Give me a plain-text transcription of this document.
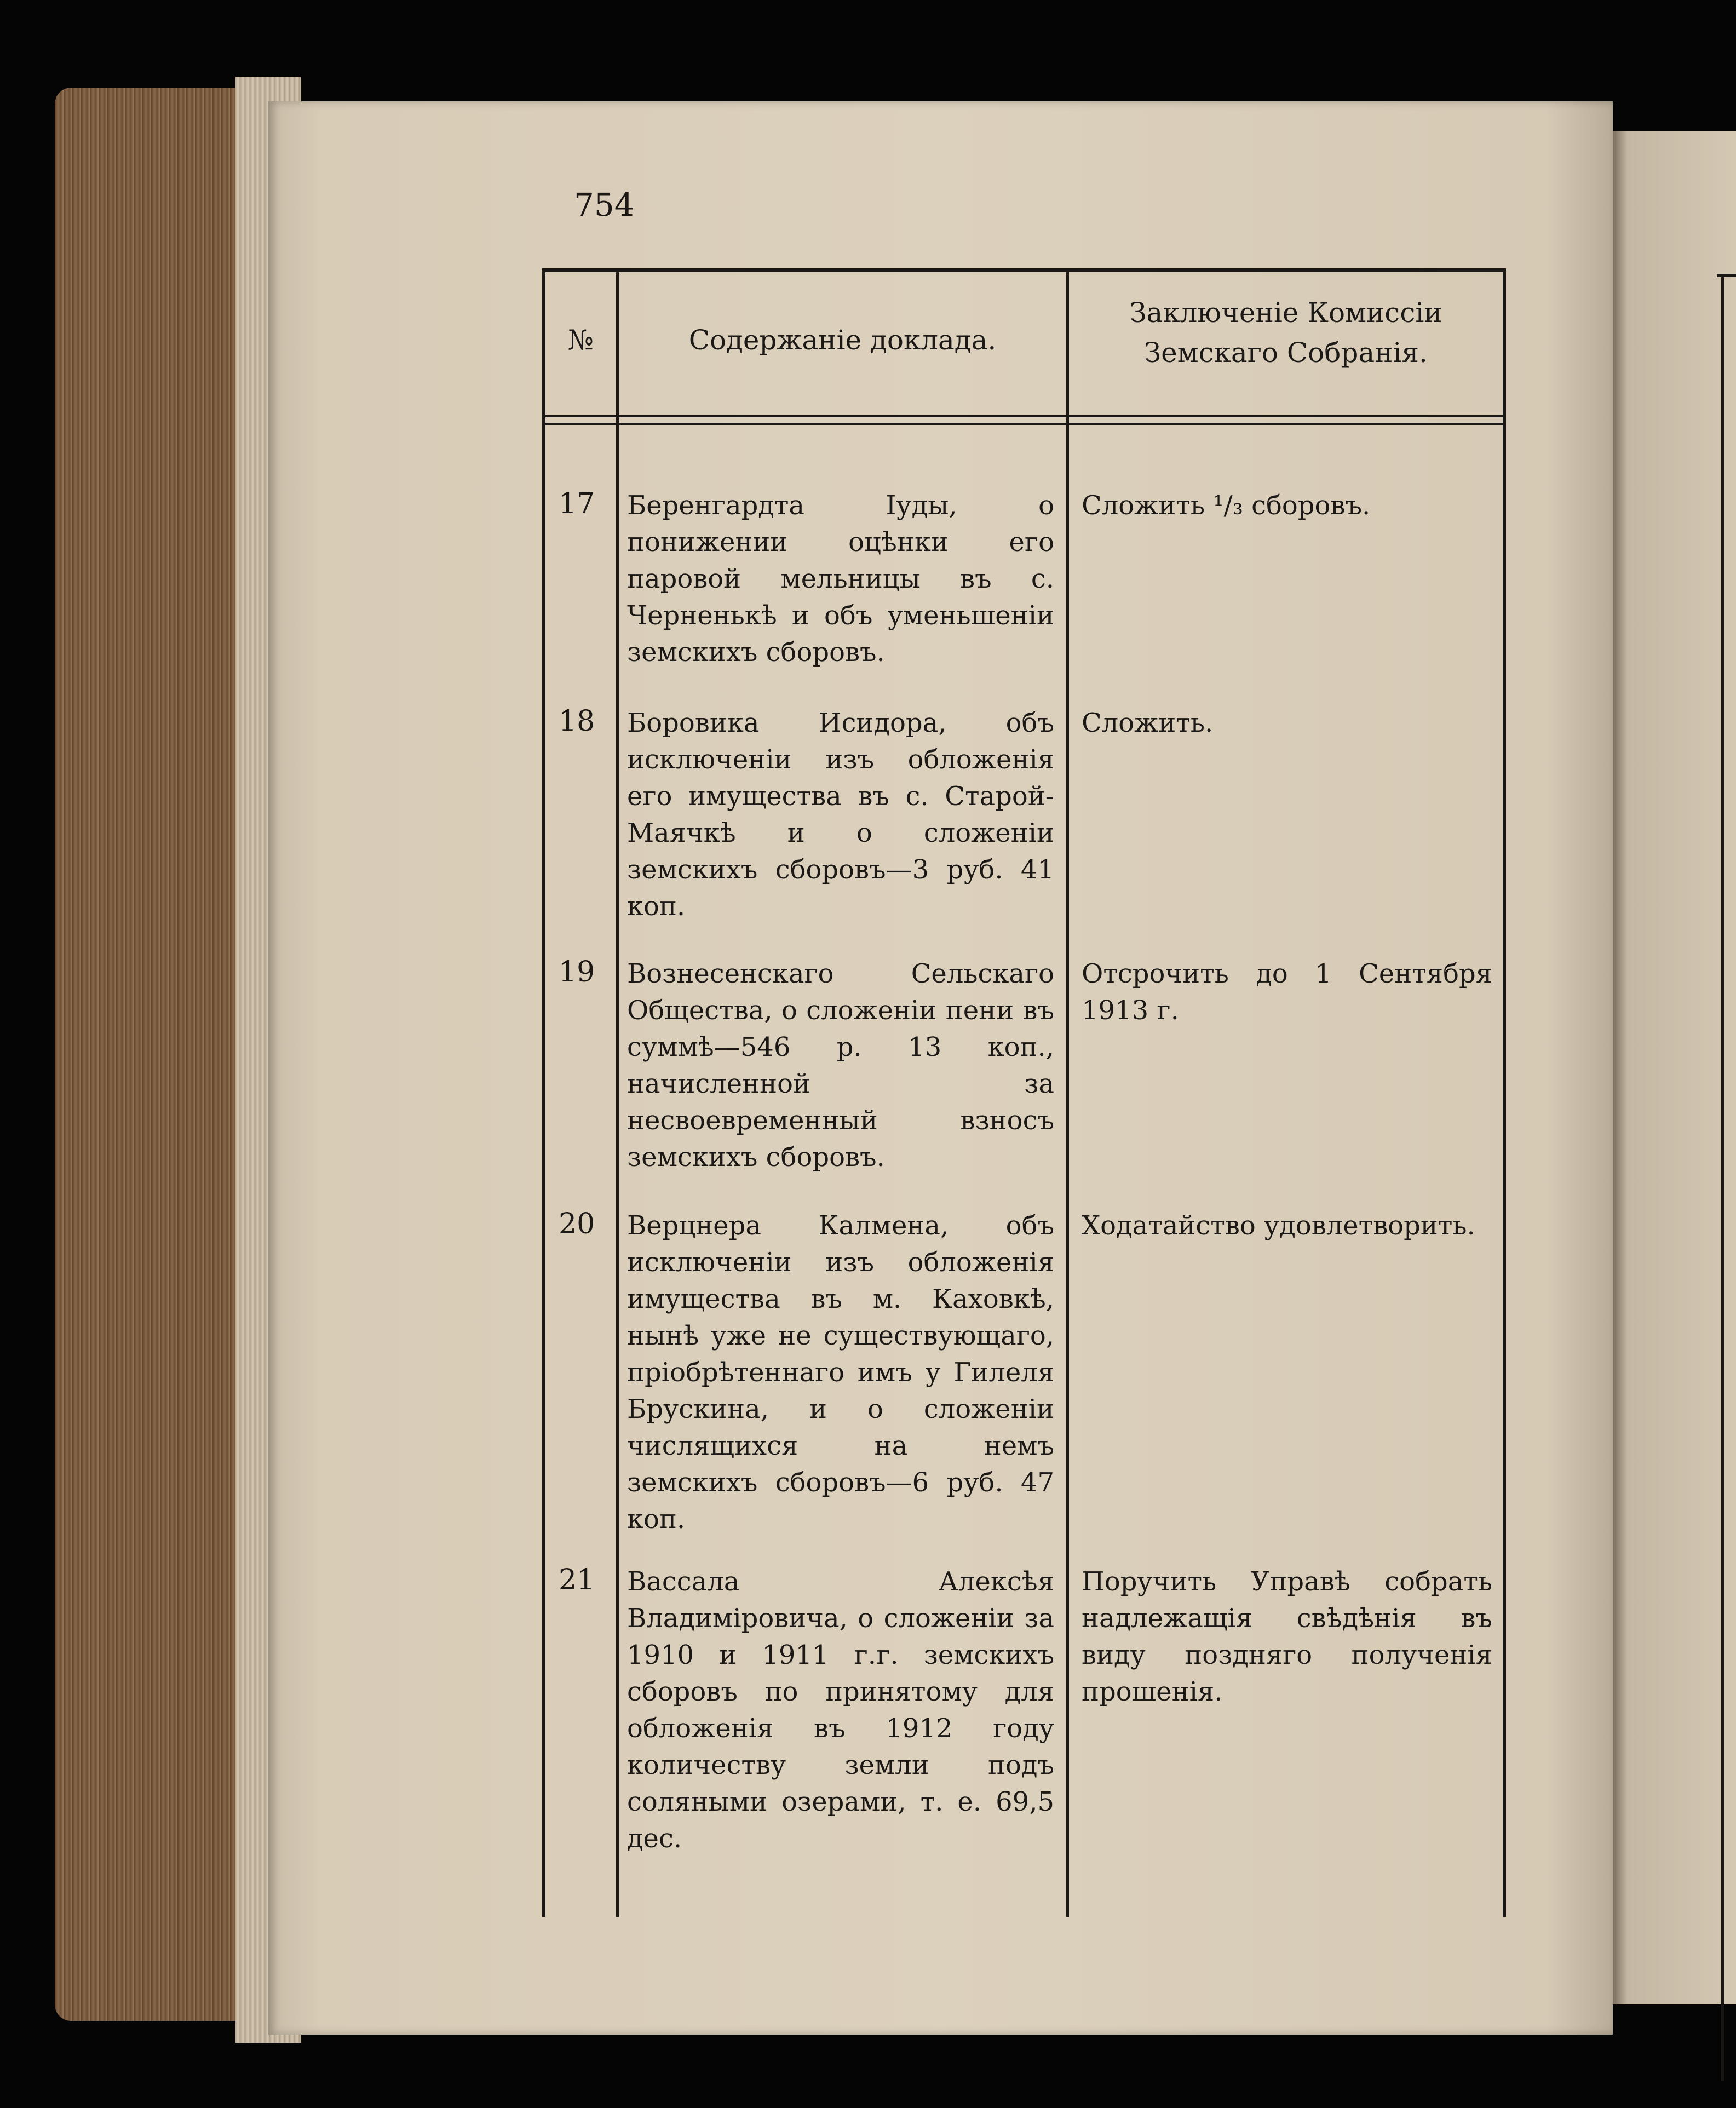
754
№	Содержаніе доклада.
Заключеніе Комиссіи Земскаго Собранія.
17 Беренгардта Іуды, о понижении оцѣнки его паровой мельницы въ с. Черненькѣ и объ уменьшеніи земскихъ сборовъ.
Сложить ¹/₃ сборовъ.
18 Боровика Исидора, объ исключеніи изъ обложенія его имущества въ с. Старой-Маячкѣ и о сложеніи земскихъ сборовъ—3 руб. 41 коп.
Сложить.
19 Вознесенскаго Сельскаго Общества, о сложеніи пени въ суммѣ—546 р. 13 коп., начисленной за несвоевременный взносъ земскихъ сборовъ.
Отсрочить до 1 Сентября 1913 г.
20 Верцнера Калмена, объ исключеніи изъ обложенія имущества въ м. Каховкѣ, нынѣ уже не существующаго, пріобрѣтеннаго имъ у Гилеля Брускина, и о сложеніи числящихся на немъ земскихъ сборовъ—6 руб. 47 коп.
Ходатайство удовлетворить.
21 Вассала Алексѣя Владиміровича, о сложеніи за 1910 и 1911 г.г. земскихъ сборовъ по принятому для обложенія въ 1912 году количеству земли подъ соляными озерами, т. е. 69,5 дес.
Поручить Управѣ собрать надлежащія свѣдѣнія въ виду поздняго полученія прошенія.
